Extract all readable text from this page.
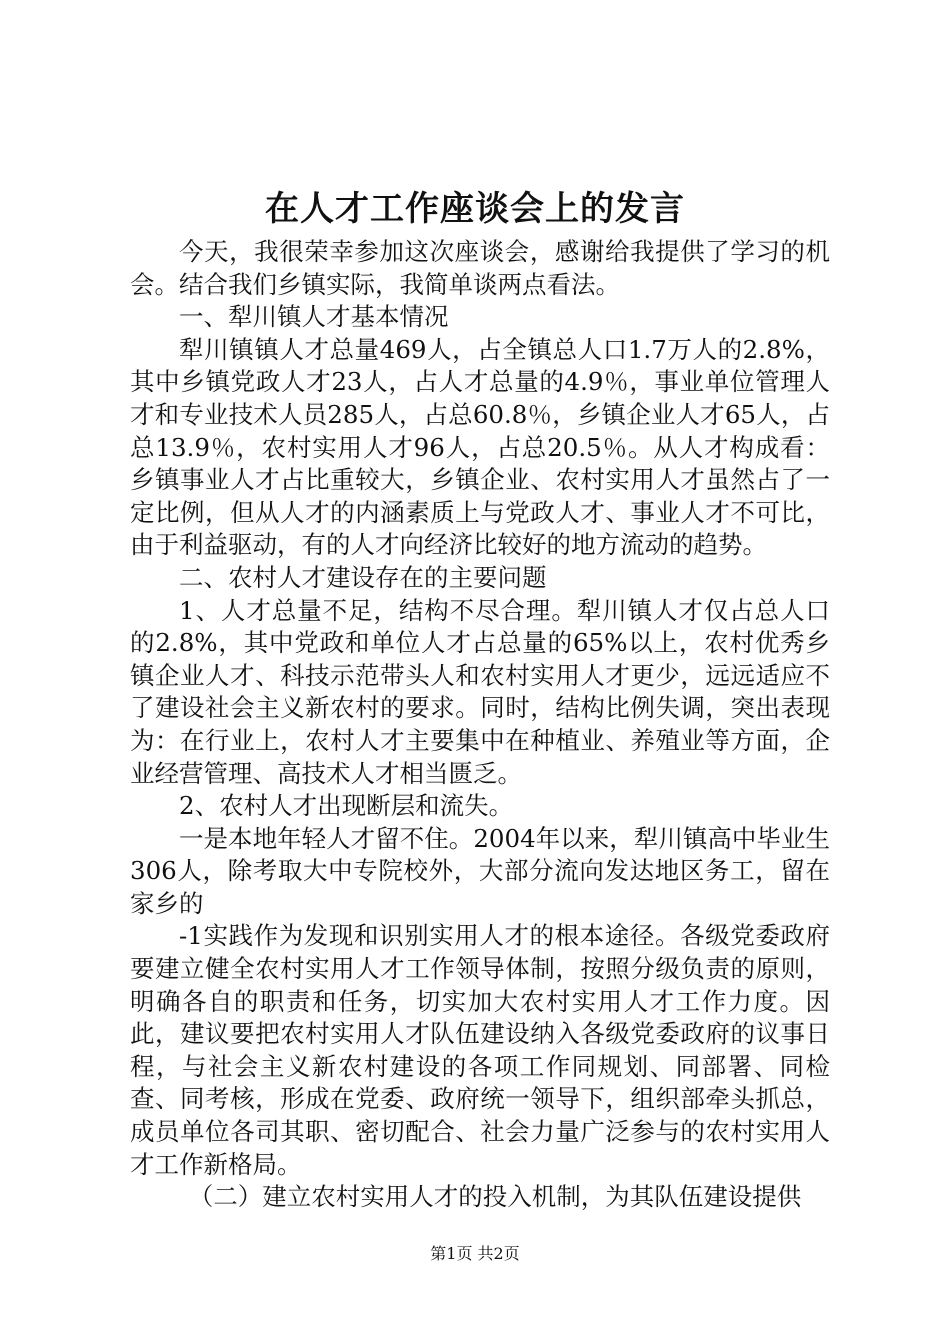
在人才工作座谈会上的发言

今天，我很荣幸参加这次座谈会，感谢给我提供了学习的机会。结合我们乡镇实际，我简单谈两点看法。

一、犁川镇人才基本情况

犁川镇镇人才总量469人，占全镇总人口1.7万人的2.8%，其中乡镇党政人才23人，占人才总量的4.9％，事业单位管理人才和专业技术人员285人，占总60.8％，乡镇企业人才65人，占总13.9％，农村实用人才96人，占总20.5％。从人才构成看：乡镇事业人才占比重较大，乡镇企业、农村实用人才虽然占了一定比例，但从人才的内涵素质上与党政人才、事业人才不可比，由于利益驱动，有的人才向经济比较好的地方流动的趋势。

二、农村人才建设存在的主要问题

1、人才总量不足，结构不尽合理。犁川镇人才仅占总人口的2.8%，其中党政和单位人才占总量的65%以上，农村优秀乡镇企业人才、科技示范带头人和农村实用人才更少，远远适应不了建设社会主义新农村的要求。同时，结构比例失调，突出表现为：在行业上，农村人才主要集中在种植业、养殖业等方面，企业经营管理、高技术人才相当匮乏。

2、农村人才出现断层和流失。

一是本地年轻人才留不住。2004年以来，犁川镇高中毕业生306人，除考取大中专院校外，大部分流向发达地区务工，留在家乡的

-1实践作为发现和识别实用人才的根本途径。各级党委政府要建立健全农村实用人才工作领导体制，按照分级负责的原则，明确各自的职责和任务，切实加大农村实用人才工作力度。因此，建议要把农村实用人才队伍建设纳入各级党委政府的议事日程，与社会主义新农村建设的各项工作同规划、同部署、同检查、同考核，形成在党委、政府统一领导下，组织部牵头抓总，成员单位各司其职、密切配合、社会力量广泛参与的农村实用人才工作新格局。

（二）建立农村实用人才的投入机制，为其队伍建设提供

第1页 共2页
